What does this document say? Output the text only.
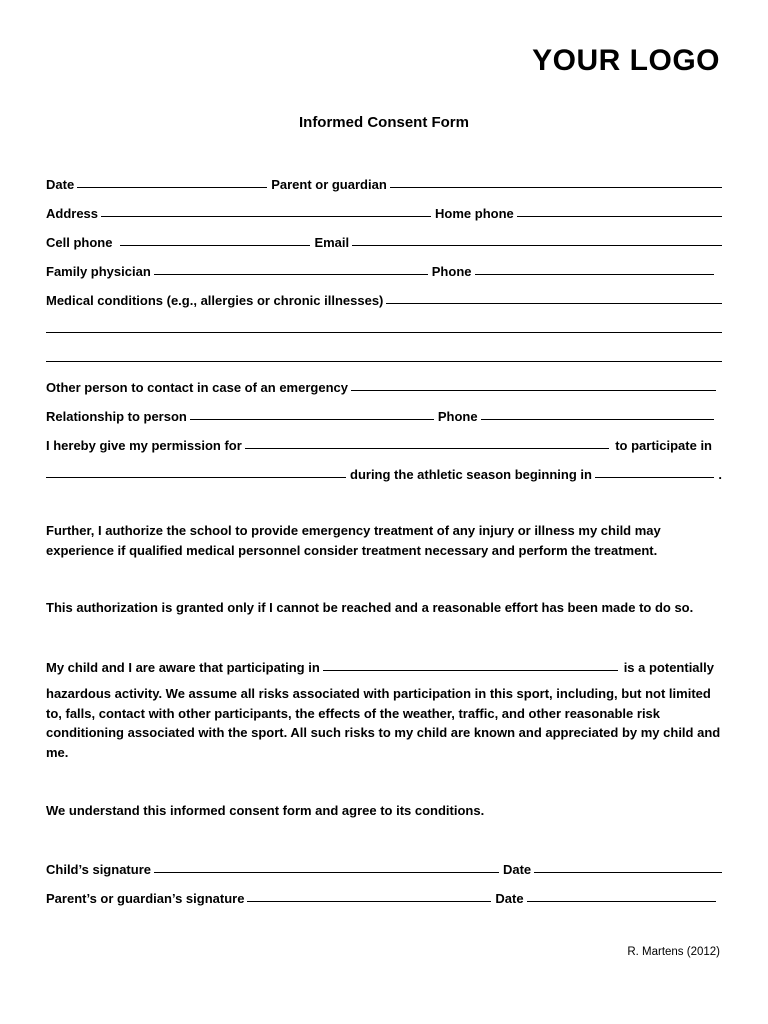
YOUR LOGO
Informed Consent Form
Date	Parent or guardian
Address	Home phone
Cell phone	Email
Family physician	Phone
Medical conditions (e.g., allergies or chronic illnesses)
Other person to contact in case of an emergency
Relationship to person	Phone
I hereby give my permission for	to participate in
during the athletic season beginning in	.
Further, I authorize the school to provide emergency treatment of any injury or illness my child may experience if qualified medical personnel consider treatment necessary and perform the treatment.
This authorization is granted only if I cannot be reached and a reasonable effort has been made to do so.
My child and I are aware that participating in	is a potentially
hazardous activity. We assume all risks associated with participation in this sport, including, but not limited to, falls, contact with other participants, the effects of the weather, traffic, and other reasonable risk conditioning associated with the sport. All such risks to my child are known and appreciated by my child and me.
We understand this informed consent form and agree to its conditions.
Child’s signature	Date
Parent’s or guardian’s signature	Date
R. Martens (2012)
